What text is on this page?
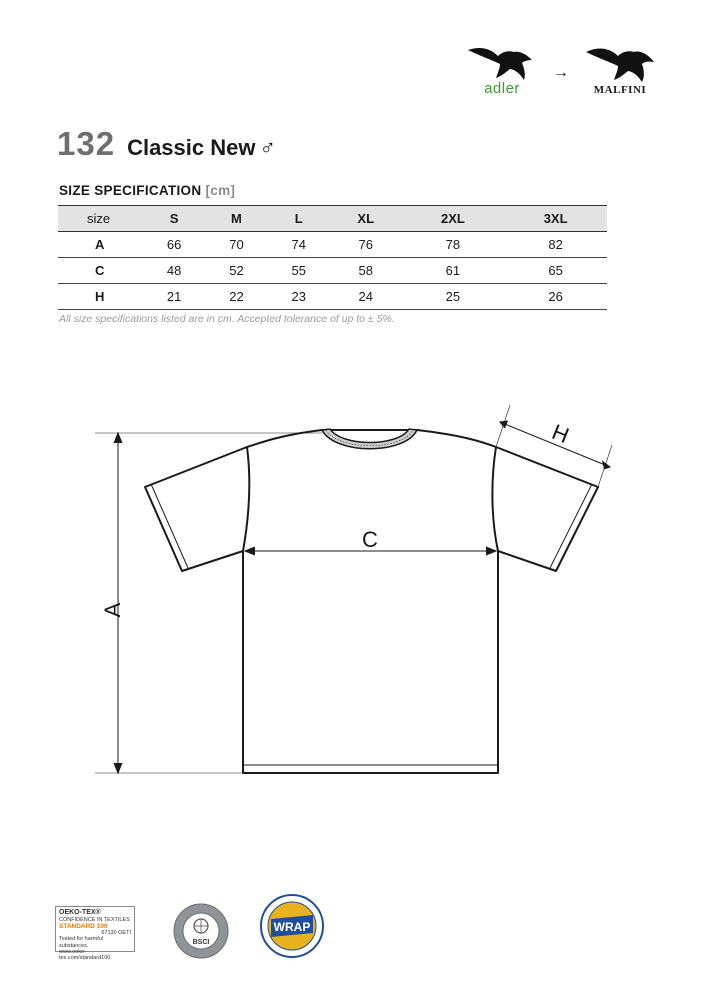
adler
→
MALFINI
132 Classic New ♂
SIZE SPECIFICATION [cm]
size	S	M	L	XL	2XL	3XL
A	66	70	74	76	78	82
C	48	52	55	58	61	65
H	21	22	23	24	25	26
All size specifications listed are in cm. Accepted tolerance of up to ± 5%.
A
C
H
OEKO-TEX®
CONFIDENCE IN TEXTILES
STANDARD 100
67130 OETI
Tested for harmful substances.
www.oeko-tex.com/standard100
BSCI
WRAP
